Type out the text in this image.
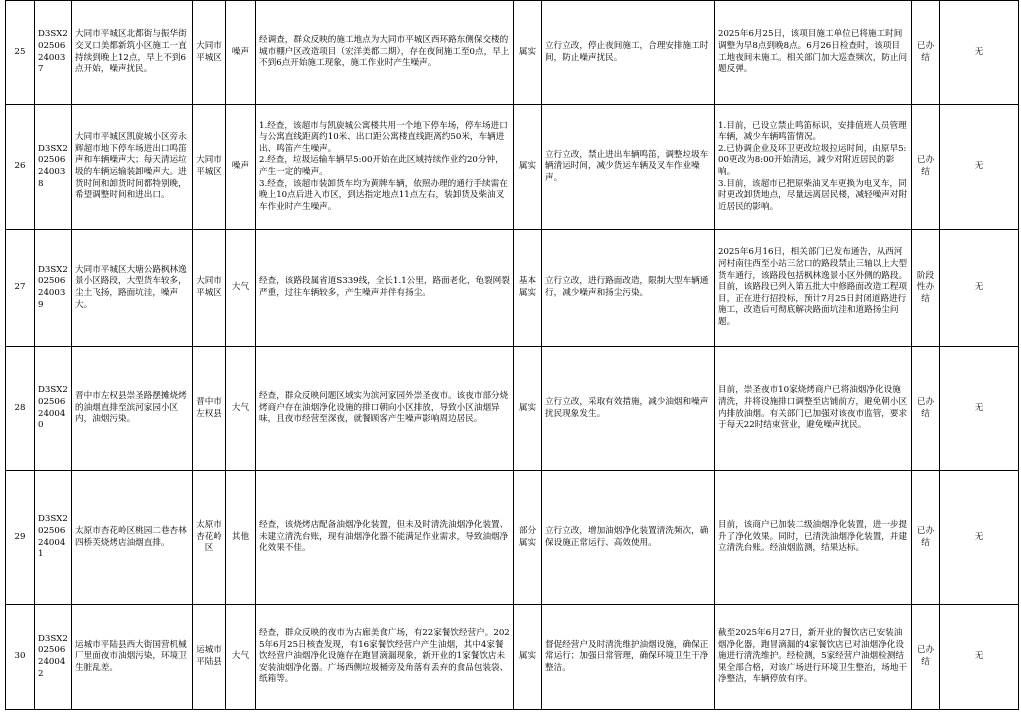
25	D3SX2
02506
24003
7	大同市平城区北都街与振华街交叉口美都新筑小区施工一直持续到晚上12点，早上不到6点开始，噪声扰民。	大同市平城区	噪声	经调查，群众反映的施工地点为大同市平城区西环路东侧保交楼的城市棚户区改造项目（宏洋美都二期），存在夜间施工至0点，早上不到6点开始施工现象，施工作业时产生噪声。	属实	立行立改，停止夜间施工，合理安排施工时间，防止噪声扰民。	2025年6月25日，该项目施工单位已将施工时间调整为早8点到晚8点。6月26日检查时，该项目工地夜间未施工。相关部门加大巡查频次，防止问题反弹。	已办结	无

26	D3SX2
02506
24003
8	大同市平城区凯旋城小区旁永辉超市地下停车场进出口鸣笛声和车辆噪声大；每天清运垃圾的车辆运输装卸噪声大。进货时间和卸货时间都特别晚，希望调整时间和进出口。	大同市平城区	噪声	1.经查，该超市与凯旋城公寓楼共用一个地下停车场，停车场进口与公寓直线距离约10米、出口距公寓楼直线距离约50米，车辆进出、鸣笛产生噪声。
2.经查，垃圾运输车辆早5:00开始在此区域持续作业约20分钟，产生一定的噪声。
3.经查，该超市装卸货车均为黄牌车辆，依照办理的通行手续需在晚上10点后进入市区，到达指定地点11点左右，装卸货及柴油叉车作业时产生噪声。	属实	立行立改，禁止进出车辆鸣笛，调整垃圾车辆清运时间，减少货运车辆及叉车作业噪声。	1.目前，已设立禁止鸣笛标识，安排值班人员管理车辆，减少车辆鸣笛情况。
2.已协调企业及环卫更改垃圾拉运时间，由原早5:00更改为8:00开始清运，减少对附近居民的影响。
3.目前，该超市已把原柴油叉车更换为电叉车，同时更改卸货地点，尽量远离居民楼，减轻噪声对附近居民的影响。	已办结	无

27	D3SX2
02506
24003
9	大同市平城区大塘公路枫林逸景小区路段，大型货车较多，尘土飞扬，路面坑洼，噪声大。	大同市平城区	大气	经查，该路段属省道S339线，全长1.1公里，路面老化，龟裂网裂严重，过往车辆较多，产生噪声并伴有扬尘。	基本属实	立行立改，进行路面改造，限制大型车辆通行，减少噪声和扬尘污染。	2025年6月16日，相关部门已发布通告，从西河河村南往西至小站三岔口的路段禁止三轴以上大型货车通行，该路段包括枫林逸景小区外侧的路段。目前，该路段已列入第五批大中修路面改造工程项目，正在进行招投标，预计7月25日封闭道路进行施工，改造后可彻底解决路面坑洼和道路扬尘问题。	阶段性办结	无

28	D3SX2
02506
24004
0	晋中市左权县崇圣路摆摊烧烤的油烟直排至滨河家园小区内，油烟污染。	晋中市左权县	大气	经查，群众反映问题区域实为滨河家园外崇圣夜市。该夜市部分烧烤商户存在油烟净化设施的排口朝向小区排放，导致小区油烟异味，且夜市经营至深夜，就餐顾客产生噪声影响周边居民。	属实	立行立改，采取有效措施，减少油烟和噪声扰民现象发生。	目前，崇圣夜市10家烧烤商户已将油烟净化设施清洗，并将设施排口调整至店铺前方，避免朝小区内排放油烟。有关部门已加强对该夜市监管，要求于每天22时结束营业，避免噪声扰民。	已办结	无

29	D3SX2
02506
24004
1	太原市杏花岭区桃园二巷杏林四桥芙烧烤店油烟直排。	太原市杏花岭区	其他	经查，该烧烤店配备油烟净化装置，但未及时清洗油烟净化装置、未建立清洗台账，现有油烟净化器不能满足作业需求，导致油烟净化效果不佳。	部分属实	立行立改，增加油烟净化装置清洗频次，确保设施正常运行、高效使用。	目前，该商户已加装二级油烟净化装置，进一步提升了净化效果。同时，已清洗油烟净化装置，并建立清洗台账。经油烟监测，结果达标。	已办结	无

30	D3SX2
02506
24004
2	运城市平陆县西大街国营机械厂里面夜市油烟污染，环境卫生脏乱差。	运城市平陆县	大气	经查，群众反映的夜市为古廊美食广场，有22家餐饮经营户。2025年6月25日核查发现，有16家餐饮经营户产生油烟，其中4家餐饮经营户油烟净化设施存在跑冒滴漏现象，新开业的1家餐饮店未安装油烟净化器。广场西侧垃圾桶旁及角落有丢弃的食品包装袋、纸箱等。	属实	督促经营户及时清洗维护油烟设施，确保正常运行；加强日常管理，确保环境卫生干净整洁。	截至2025年6月27日，新开业的餐饮店已安装油烟净化器，跑冒滴漏的4家餐饮店已对油烟净化设施进行清洗维护。经检测，5家经营户油烟检测结果全部合格，对该广场进行环境卫生整治，场地干净整洁，车辆停放有序。	已办结	无
